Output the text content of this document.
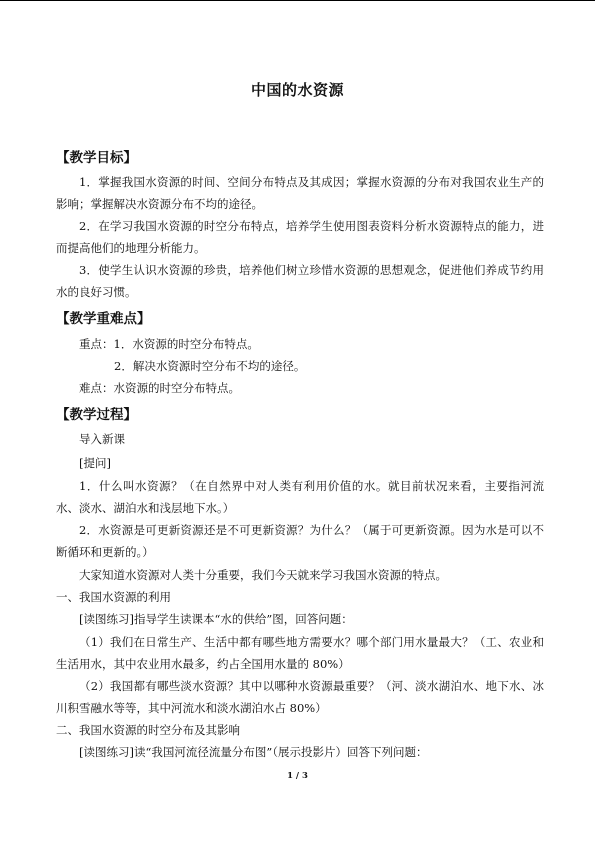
中国的水资源
【教学目标】

1．掌握我国水资源的时间、空间分布特点及其成因；掌握水资源的分布对我国农业生产的影响；掌握解决水资源分布不均的途径。

2．在学习我国水资源的时空分布特点，培养学生使用图表资料分析水资源特点的能力，进而提高他们的地理分析能力。

3．使学生认识水资源的珍贵，培养他们树立珍惜水资源的思想观念，促进他们养成节约用水的良好习惯。

【教学重难点】
重点：1．水资源的时空分布特点。
2．解决水资源时空分布不均的途径。
难点：水资源的时空分布特点。
【教学过程】
导入新课
[提问]

1．什么叫水资源？（在自然界中对人类有利用价值的水。就目前状况来看，主要指河流水、淡水、湖泊水和浅层地下水。）

2．水资源是可更新资源还是不可更新资源？为什么？（属于可更新资源。因为水是可以不断循环和更新的。）

大家知道水资源对人类十分重要，我们今天就来学习我国水资源的特点。

一、我国水资源的利用
[读图练习]指导学生读课本“水的供给”图，回答问题：

（1）我们在日常生产、生活中都有哪些地方需要水？哪个部门用水量最大？（工、农业和生活用水，其中农业用水最多，约占全国用水量的 80%）

（2）我国都有哪些淡水资源？其中以哪种水资源最重要？（河、淡水湖泊水、地下水、冰川积雪融水等等，其中河流水和淡水湖泊水占 80%）

二、我国水资源的时空分布及其影响
[读图练习]读“我国河流径流量分布图”（展示投影片）回答下列问题：
1 / 3
